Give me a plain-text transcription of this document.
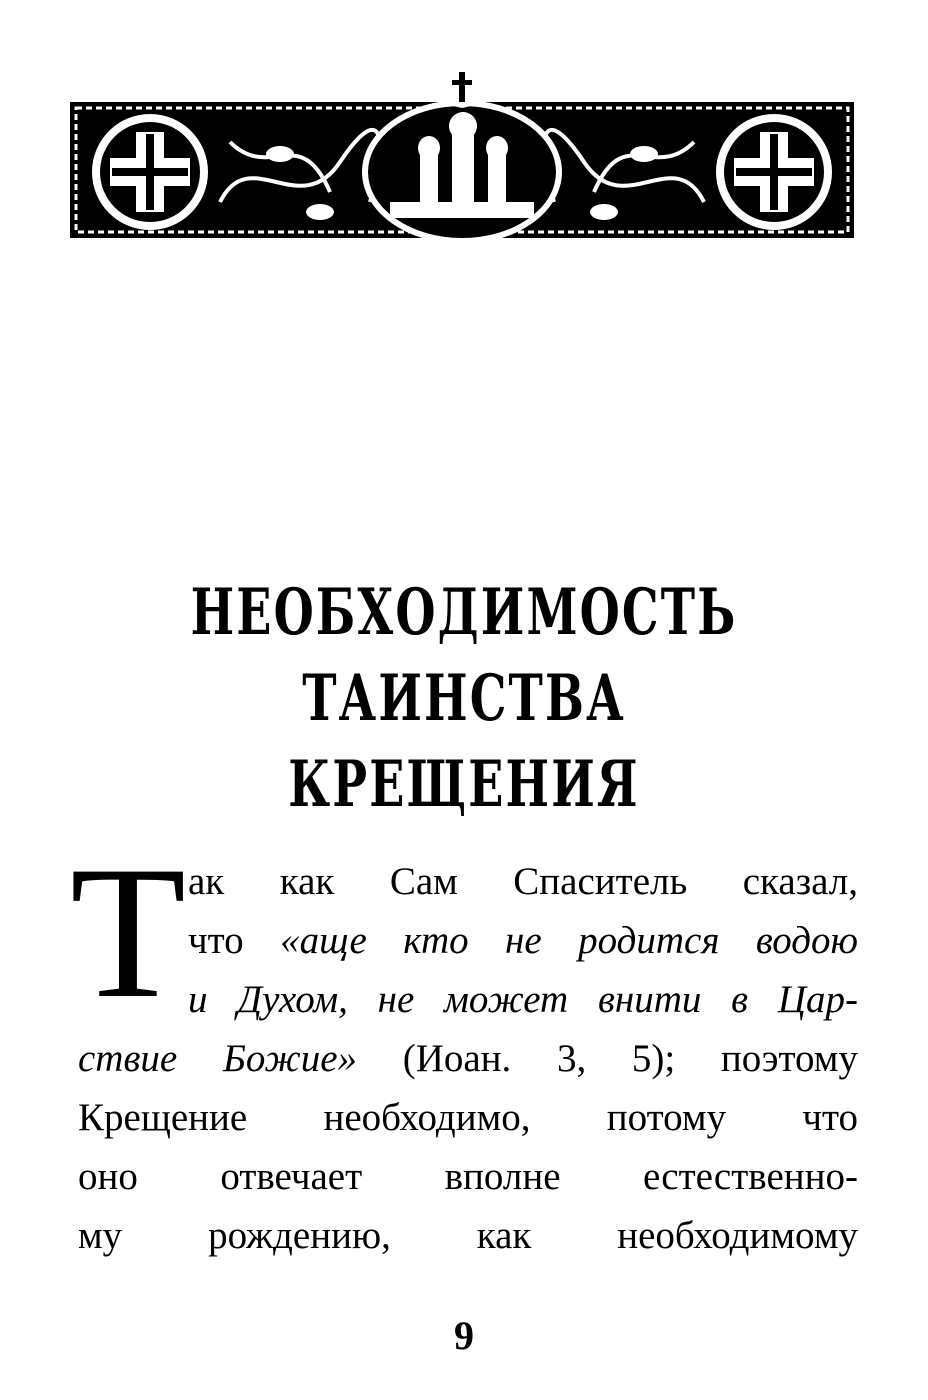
НЕОБХОДИМОСТЬ ТАИНСТВА
КРЕЩЕНИЯ
Т ак как Сам Спаситель сказал,
что «аще кто не родится водою
и Духом, не может внити в Цар-
ствие Божие» (Иоан. 3, 5); поэтому
Крещение необходимо, потому что
оно отвечает вполне естественно-
му рождению, как необходимому
9
